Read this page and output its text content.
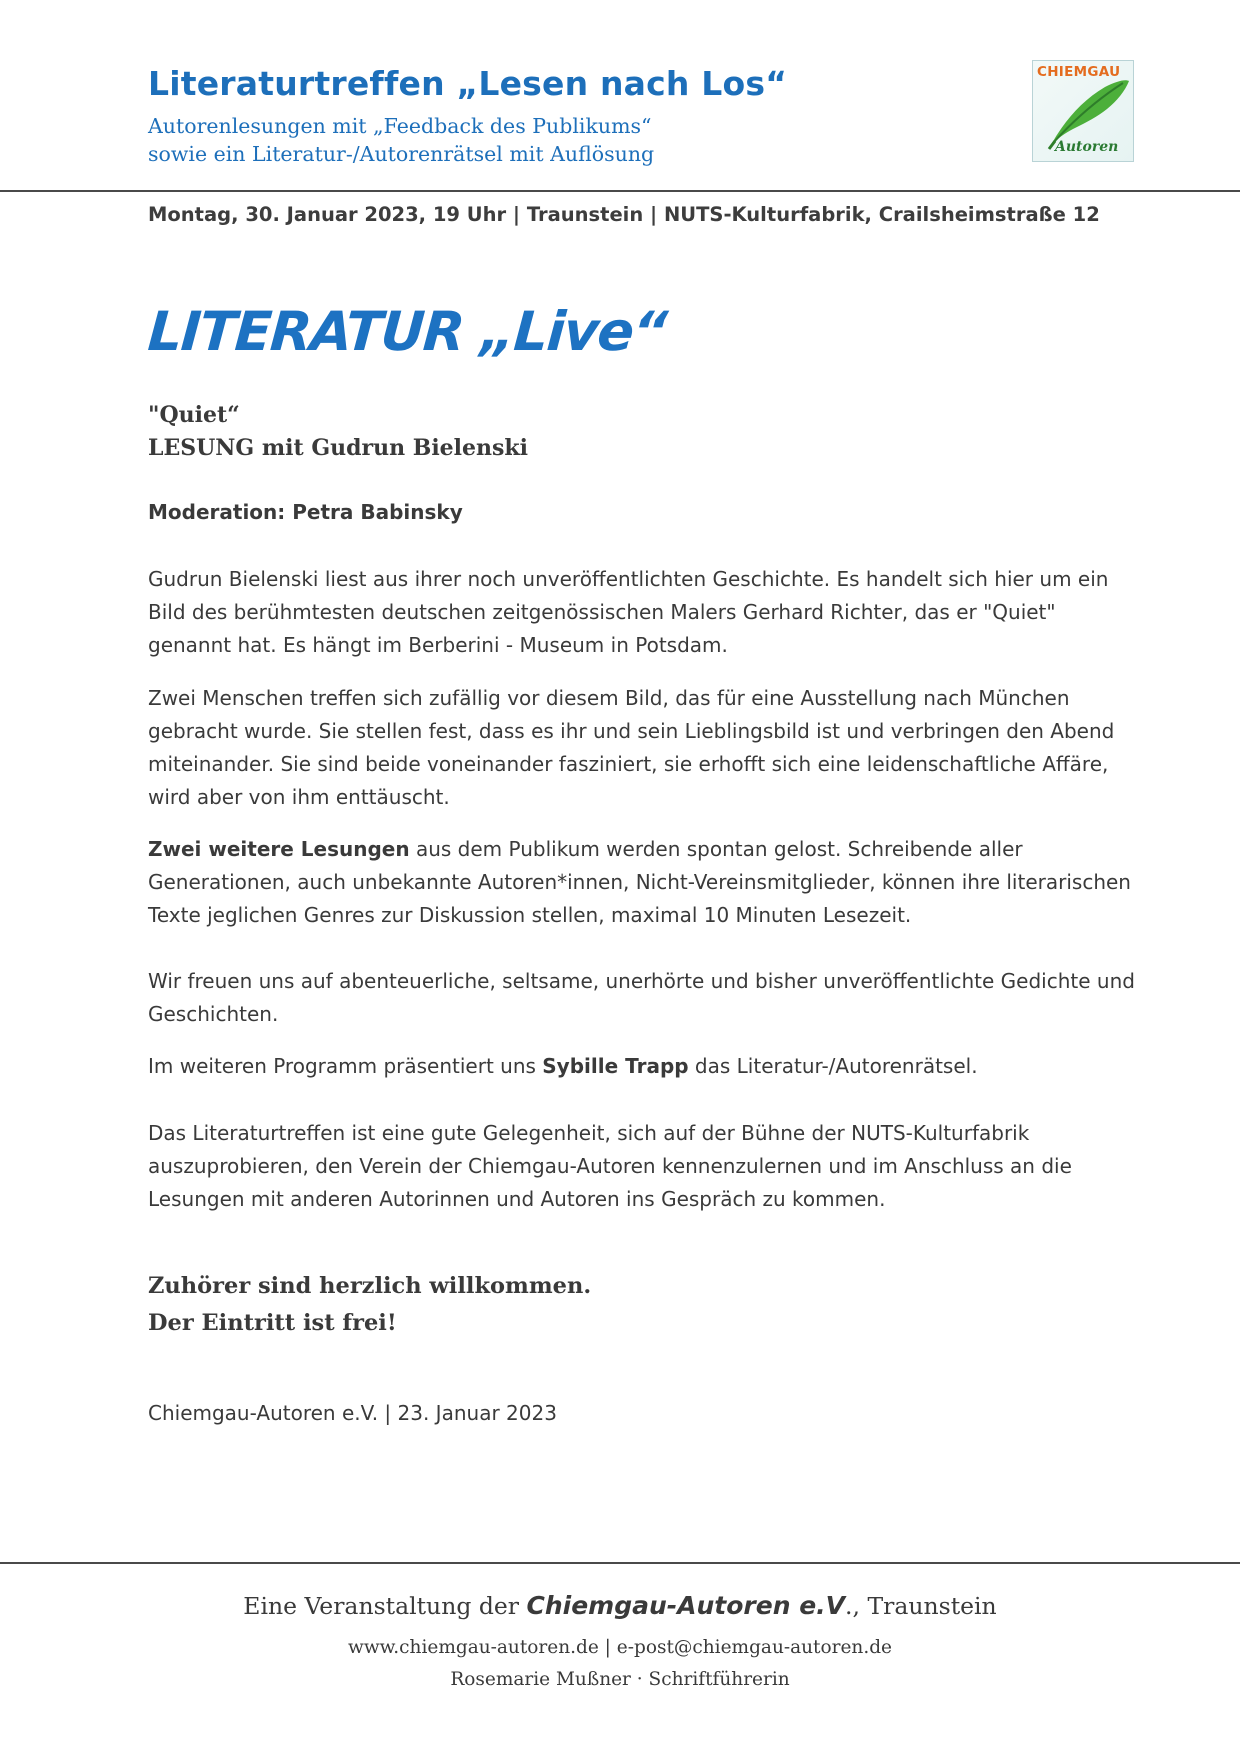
Literaturtreffen „Lesen nach Los“
Autorenlesungen mit „Feedback des Publikums“
sowie ein Literatur-/Autorenrätsel mit Auflösung
CHIEMGAU
Autoren
Montag, 30. Januar 2023, 19 Uhr | Traunstein | NUTS-Kulturfabrik, Crailsheimstraße 12
LITERATUR „Live“
"Quiet“
LESUNG mit Gudrun Bielenski
Moderation: Petra Babinsky

Gudrun Bielenski liest aus ihrer noch unveröffentlichten Geschichte. Es handelt sich hier um ein Bild des berühmtesten deutschen zeitgenössischen Malers Gerhard Richter, das er "Quiet" genannt hat. Es hängt im Berberini - Museum in Potsdam.

Zwei Menschen treffen sich zufällig vor diesem Bild, das für eine Ausstellung nach München gebracht wurde. Sie stellen fest, dass es ihr und sein Lieblingsbild ist und verbringen den Abend miteinander. Sie sind beide voneinander fasziniert, sie erhofft sich eine leidenschaftliche Affäre, wird aber von ihm enttäuscht.

Zwei weitere Lesungen aus dem Publikum werden spontan gelost. Schreibende aller Generationen, auch unbekannte Autoren*innen, Nicht-Vereinsmitglieder, können ihre literarischen Texte jeglichen Genres zur Diskussion stellen, maximal 10 Minuten Lesezeit.

Wir freuen uns auf abenteuerliche, seltsame, unerhörte und bisher unveröffentlichte Gedichte und Geschichten.

Im weiteren Programm präsentiert uns Sybille Trapp das Literatur-/Autorenrätsel.

Das Literaturtreffen ist eine gute Gelegenheit, sich auf der Bühne der NUTS-Kulturfabrik auszuprobieren, den Verein der Chiemgau-Autoren kennenzulernen und im Anschluss an die Lesungen mit anderen Autorinnen und Autoren ins Gespräch zu kommen.

Zuhörer sind herzlich willkommen.
Der Eintritt ist frei!
Chiemgau-Autoren e.V. | 23. Januar 2023
Eine Veranstaltung der Chiemgau-Autoren e.V., Traunstein
www.chiemgau-autoren.de | e-post@chiemgau-autoren.de
Rosemarie Mußner · Schriftführerin
